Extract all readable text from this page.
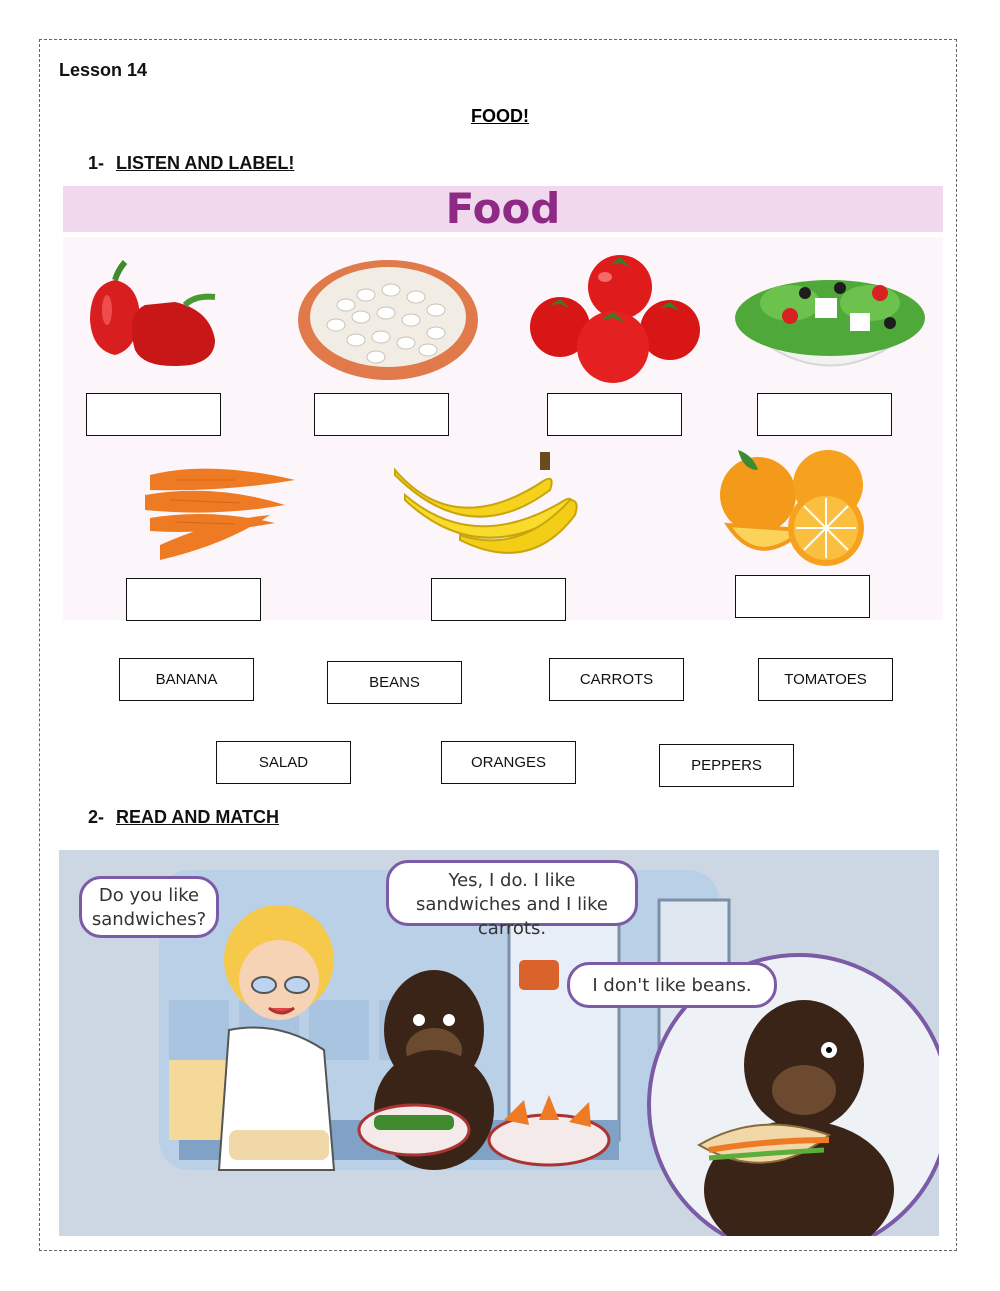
Lesson 14
FOOD!
1- LISTEN AND LABEL!
Food
BANANA	BEANS	CARROTS	TOMATOES
SALAD	ORANGES	PEPPERS
2- READ AND MATCH
Do you like sandwiches?
Yes, I do. I like sandwiches and I like carrots.
I don't like beans.
